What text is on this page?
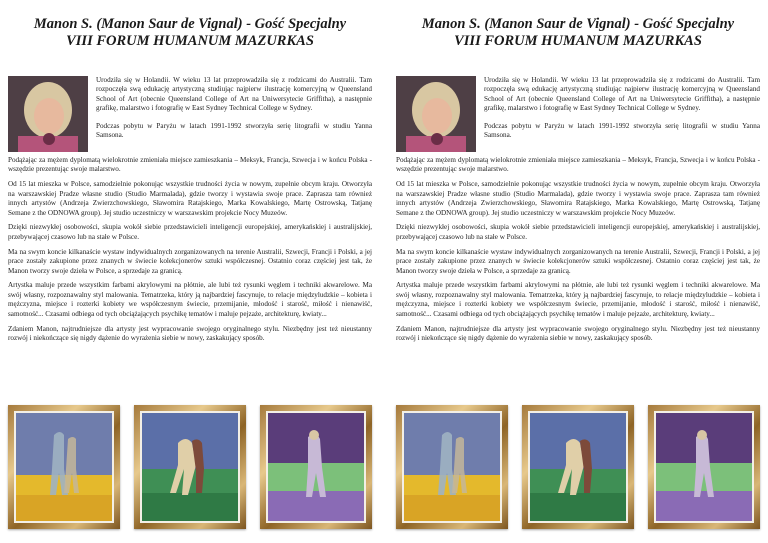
Manon S. (Manon Saur de Vignal) - Gość Specjalny
VIII FORUM HUMANUM MAZURKAS

Urodziła się w Holandii. W wieku 13 lat przeprowadziła się z rodzicami do Australii. Tam rozpoczęła swą edukację artystyczną studiując najpierw ilustrację komercyjną w Queensland School of Art (obecnie Queensland College of Art na Uniwersytecie Griffitha), a następnie grafikę, malarstwo i fotografię w East Sydney Technical College w Sydney.

Podczas pobytu w Paryżu w latach 1991-1992 stworzyła serię litografii w studiu Yanna Samsona.

Podążając za mężem dyplomatą wielokrotnie zmieniała miejsce zamieszkania – Meksyk, Francja, Szwecja i w końcu Polska - wszędzie prezentując swoje malarstwo.

Od 15 lat mieszka w Polsce, samodzielnie pokonując wszystkie trudności życia w nowym, zupełnie obcym kraju. Otworzyła na warszawskiej Pradze własne studio (Studio Marmalada), gdzie tworzy i wystawia swoje prace. Zaprasza tam również innych artystów (Andrzeja Zwierzchowskiego, Sławomira Ratajskiego, Marka Kowalskiego, Martę Ostrowską, Tatjanę Semane z the ODNOWA group). Jej studio uczestniczy w warszawskim projekcie Nocy Muzeów.

Dzięki niezwykłej osobowości, skupia wokół siebie przedstawicieli inteligencji europejskiej, amerykańskiej i australijskiej, przebywającej czasowo lub na stałe w Polsce.

Ma na swym koncie kilkanaście wystaw indywidualnych zorganizowanych na terenie Australii, Szwecji, Francji i Polski, a jej prace zostały zakupione przez znanych w świecie kolekcjonerów sztuki współczesnej. Ostatnio coraz częściej jest tak, że Manon tworzy swoje dzieła w Polsce, a sprzedaje za granicą.

Artystka maluje przede wszystkim farbami akrylowymi na płótnie, ale lubi też rysunki węglem i techniki akwarelowe. Ma swój własny, rozpoznawalny styl malowania. Tematrzeka, który ją najbardziej fascynuje, to relacje międzyludzkie – kobieta i mężczyzna, miejsce i rozterki kobiety we współczesnym świecie, przemijanie, młodość i starość, miłość i nienawiść, samotność... Czasami odbiega od tych obciążających psychikę tematów i maluje pejzaże, architekturę, kwiaty...

Zdaniem Manon, najtrudniejsze dla artysty jest wypracowanie swojego oryginalnego stylu. Niezbędny jest też nieustanny rozwój i niekończące się nigdy dążenie do wyrażenia siebie w nowy, zaskakujący sposób.

Manon S. (Manon Saur de Vignal) - Gość Specjalny
VIII FORUM HUMANUM MAZURKAS

Urodziła się w Holandii. W wieku 13 lat przeprowadziła się z rodzicami do Australii. Tam rozpoczęła swą edukację artystyczną studiując najpierw ilustrację komercyjną w Queensland School of Art (obecnie Queensland College of Art na Uniwersytecie Griffitha), a następnie grafikę, malarstwo i fotografię w East Sydney Technical College w Sydney.

Podczas pobytu w Paryżu w latach 1991-1992 stworzyła serię litografii w studiu Yanna Samsona.

Podążając za mężem dyplomatą wielokrotnie zmieniała miejsce zamieszkania – Meksyk, Francja, Szwecja i w końcu Polska - wszędzie prezentując swoje malarstwo.

Od 15 lat mieszka w Polsce, samodzielnie pokonując wszystkie trudności życia w nowym, zupełnie obcym kraju. Otworzyła na warszawskiej Pradze własne studio (Studio Marmalada), gdzie tworzy i wystawia swoje prace. Zaprasza tam również innych artystów (Andrzeja Zwierzchowskiego, Sławomira Ratajskiego, Marka Kowalskiego, Martę Ostrowską, Tatjanę Semane z the ODNOWA group). Jej studio uczestniczy w warszawskim projekcie Nocy Muzeów.

Dzięki niezwykłej osobowości, skupia wokół siebie przedstawicieli inteligencji europejskiej, amerykańskiej i australijskiej, przebywającej czasowo lub na stałe w Polsce.

Ma na swym koncie kilkanaście wystaw indywidualnych zorganizowanych na terenie Australii, Szwecji, Francji i Polski, a jej prace zostały zakupione przez znanych w świecie kolekcjonerów sztuki współczesnej. Ostatnio coraz częściej jest tak, że Manon tworzy swoje dzieła w Polsce, a sprzedaje za granicą.

Artystka maluje przede wszystkim farbami akrylowymi na płótnie, ale lubi też rysunki węglem i techniki akwarelowe. Ma swój własny, rozpoznawalny styl malowania. Tematrzeka, który ją najbardziej fascynuje, to relacje międzyludzkie – kobieta i mężczyzna, miejsce i rozterki kobiety we współczesnym świecie, przemijanie, młodość i starość, miłość i nienawiść, samotność... Czasami odbiega od tych obciążających psychikę tematów i maluje pejzaże, architekturę, kwiaty...

Zdaniem Manon, najtrudniejsze dla artysty jest wypracowanie swojego oryginalnego stylu. Niezbędny jest też nieustanny rozwój i niekończące się nigdy dążenie do wyrażenia siebie w nowy, zaskakujący sposób.
